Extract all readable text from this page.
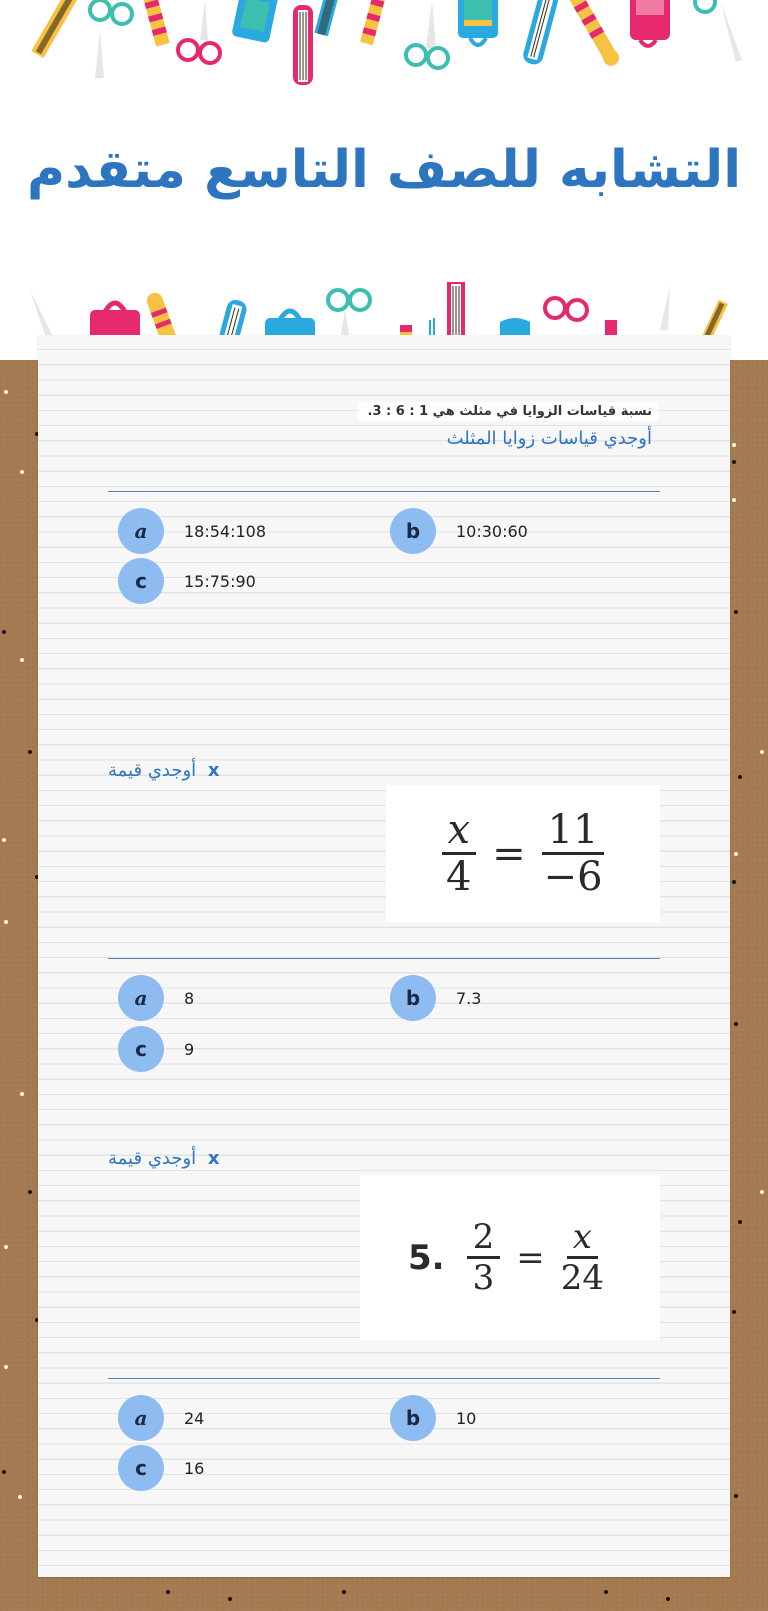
التشابه للصف التاسع متقدم
نسبة قياسات الزوايا في مثلث هي 1 : 6 : 3.
أوجدي قياسات زوايا المثلث
a	18:54:108	b	10:30:60
c	15:75:90
x أوجدي قيمة
$\frac{x}{4} = \frac{11}{-6}$
a	8	b	7.3
c	9
x أوجدي قيمة
5. $\frac{2}{3} = \frac{x}{24}$
a	24	b	10
c	16
